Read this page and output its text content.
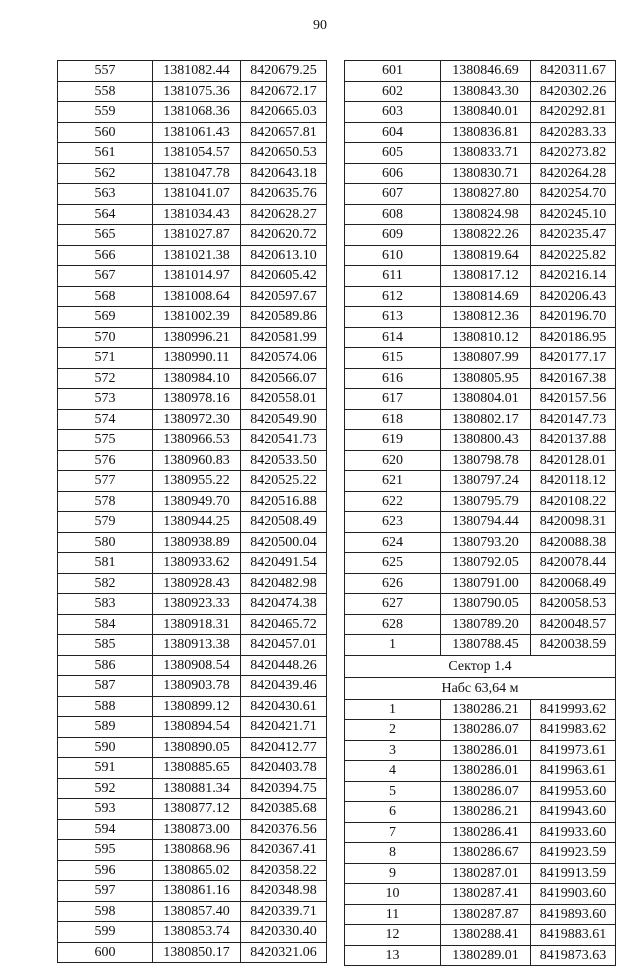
90
557	1381082.44	8420679.25
558	1381075.36	8420672.17
559	1381068.36	8420665.03
560	1381061.43	8420657.81
561	1381054.57	8420650.53
562	1381047.78	8420643.18
563	1381041.07	8420635.76
564	1381034.43	8420628.27
565	1381027.87	8420620.72
566	1381021.38	8420613.10
567	1381014.97	8420605.42
568	1381008.64	8420597.67
569	1381002.39	8420589.86
570	1380996.21	8420581.99
571	1380990.11	8420574.06
572	1380984.10	8420566.07
573	1380978.16	8420558.01
574	1380972.30	8420549.90
575	1380966.53	8420541.73
576	1380960.83	8420533.50
577	1380955.22	8420525.22
578	1380949.70	8420516.88
579	1380944.25	8420508.49
580	1380938.89	8420500.04
581	1380933.62	8420491.54
582	1380928.43	8420482.98
583	1380923.33	8420474.38
584	1380918.31	8420465.72
585	1380913.38	8420457.01
586	1380908.54	8420448.26
587	1380903.78	8420439.46
588	1380899.12	8420430.61
589	1380894.54	8420421.71
590	1380890.05	8420412.77
591	1380885.65	8420403.78
592	1380881.34	8420394.75
593	1380877.12	8420385.68
594	1380873.00	8420376.56
595	1380868.96	8420367.41
596	1380865.02	8420358.22
597	1380861.16	8420348.98
598	1380857.40	8420339.71
599	1380853.74	8420330.40
600	1380850.17	8420321.06
601	1380846.69	8420311.67
602	1380843.30	8420302.26
603	1380840.01	8420292.81
604	1380836.81	8420283.33
605	1380833.71	8420273.82
606	1380830.71	8420264.28
607	1380827.80	8420254.70
608	1380824.98	8420245.10
609	1380822.26	8420235.47
610	1380819.64	8420225.82
611	1380817.12	8420216.14
612	1380814.69	8420206.43
613	1380812.36	8420196.70
614	1380810.12	8420186.95
615	1380807.99	8420177.17
616	1380805.95	8420167.38
617	1380804.01	8420157.56
618	1380802.17	8420147.73
619	1380800.43	8420137.88
620	1380798.78	8420128.01
621	1380797.24	8420118.12
622	1380795.79	8420108.22
623	1380794.44	8420098.31
624	1380793.20	8420088.38
625	1380792.05	8420078.44
626	1380791.00	8420068.49
627	1380790.05	8420058.53
628	1380789.20	8420048.57
1	1380788.45	8420038.59
Сектор 1.4		
Набс 63,64 м		
1	1380286.21	8419993.62
2	1380286.07	8419983.62
3	1380286.01	8419973.61
4	1380286.01	8419963.61
5	1380286.07	8419953.60
6	1380286.21	8419943.60
7	1380286.41	8419933.60
8	1380286.67	8419923.59
9	1380287.01	8419913.59
10	1380287.41	8419903.60
11	1380287.87	8419893.60
12	1380288.41	8419883.61
13	1380289.01	8419873.63
